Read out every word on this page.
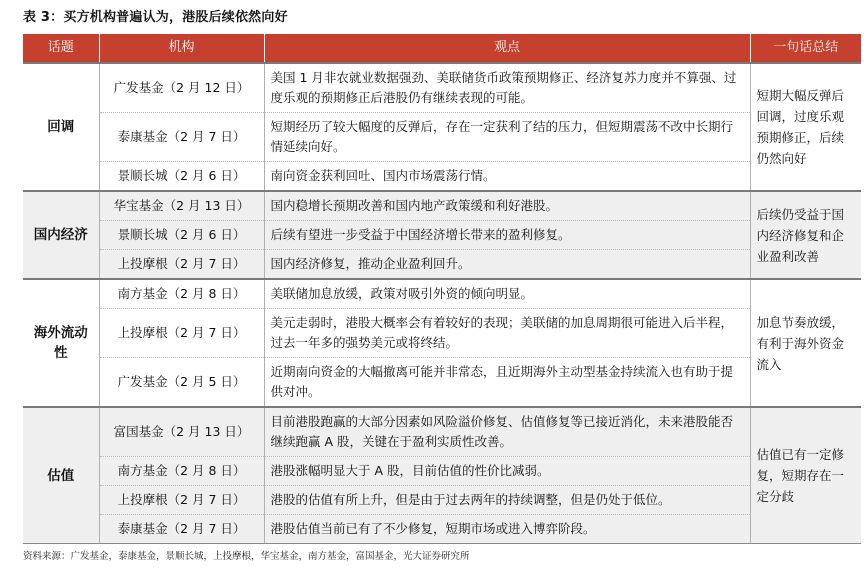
表 3：买方机构普遍认为，港股后续依然向好
话题	机构	观点	一句话总结
回调	广发基金（2 月 12 日）	美国 1 月非农就业数据强劲、美联储货币政策预期修正、经济复苏力度并不算强、过度乐观的预期修正后港股仍有继续表现的可能。	短期大幅反弹后回调，过度乐观预期修正，后续仍然向好
	泰康基金（2 月 7 日）	短期经历了较大幅度的反弹后，存在一定获利了结的压力，但短期震荡不改中长期行情延续向好。	
	景顺长城（2 月 6 日）	南向资金获利回吐、国内市场震荡行情。	
国内经济	华宝基金（2 月 13 日）	国内稳增长预期改善和国内地产政策缓和利好港股。	后续仍受益于国内经济修复和企业盈利改善
	景顺长城（2 月 6 日）	后续有望进一步受益于中国经济增长带来的盈利修复。	
	上投摩根（2 月 7 日）	国内经济修复，推动企业盈利回升。	
海外流动性	南方基金（2 月 8 日）	美联储加息放缓，政策对吸引外资的倾向明显。	加息节奏放缓，有利于海外资金流入
	上投摩根（2 月 7 日）	美元走弱时，港股大概率会有着较好的表现；美联储的加息周期很可能进入后半程，过去一年多的强势美元或将终结。	
	广发基金（2 月 5 日）	近期南向资金的大幅撤离可能并非常态，且近期海外主动型基金持续流入也有助于提供对冲。	
估值	富国基金（2 月 13 日）	目前港股跑赢的大部分因素如风险溢价修复、估值修复等已接近消化，未来港股能否继续跑赢 A 股，关键在于盈利实质性改善。	估值已有一定修复，短期存在一定分歧
	南方基金（2 月 8 日）	港股涨幅明显大于 A 股，目前估值的性价比减弱。	
	上投摩根（2 月 7 日）	港股的估值有所上升，但是由于过去两年的持续调整，但是仍处于低位。	
	泰康基金（2 月 7 日）	港股估值当前已有了不少修复，短期市场或进入博弈阶段。	
资料来源：广发基金，泰康基金，景顺长城，上投摩根，华宝基金，南方基金，富国基金，光大证券研究所
